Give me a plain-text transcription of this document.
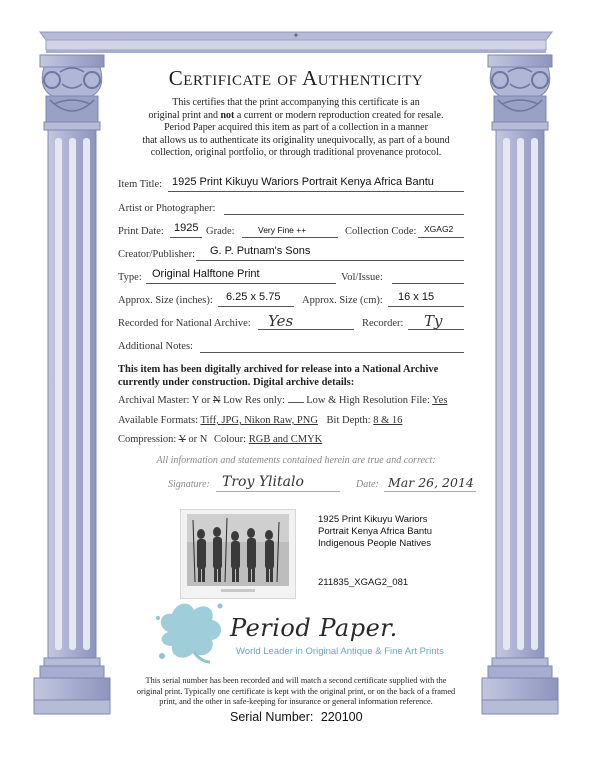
✦
Certificate of Authenticity
This certifies that the print accompanying this certificate is an
original print and not a current or modern reproduction created for resale.
Period Paper acquired this item as part of a collection in a manner
that allows us to authenticate its originality unequivocally, as part of a bound
collection, original portfolio, or through traditional provenance protocol.
Item Title: 1925 Print Kikuyu Wariors Portrait Kenya Africa Bantu
Artist or Photographer:
Print Date: 1925 Grade:	Very Fine ++	Collection Code: XGAG2
Creator/Publisher: G. P. Putnam's Sons
Type: Original Halftone Print	Vol/Issue:
Approx. Size (inches): 6.25 x 5.75 Approx. Size (cm): 16 x 15
Recorded for National Archive: Yes	Recorder: Ty
Additional Notes:
This item has been digitally archived for release into a National Archive
currently under construction. Digital archive details:
Archival Master: Y or N Low Res only: Low & High Resolution File: Yes
Available Formats: Tiff, JPG, Nikon Raw, PNG Bit Depth: 8 & 16
Compression: Y or N Colour: RGB and CMYK
All information and statements contained herein are true and correct:
Signature: Troy Ylitalo	Date: Mar 26, 2014
1925 Print Kikuyu Wariors
Portrait Kenya Africa Bantu
Indigenous People Natives
211835_XGAG2_081
Period Paper.
World Leader in Original Antique & Fine Art Prints
This serial number has been recorded and will match a second certificate supplied with the
original print. Typically one certificate is kept with the original print, or on the back of a framed
print, and the other in safe-keeping for insurance or general information reference.
Serial Number: 220100
